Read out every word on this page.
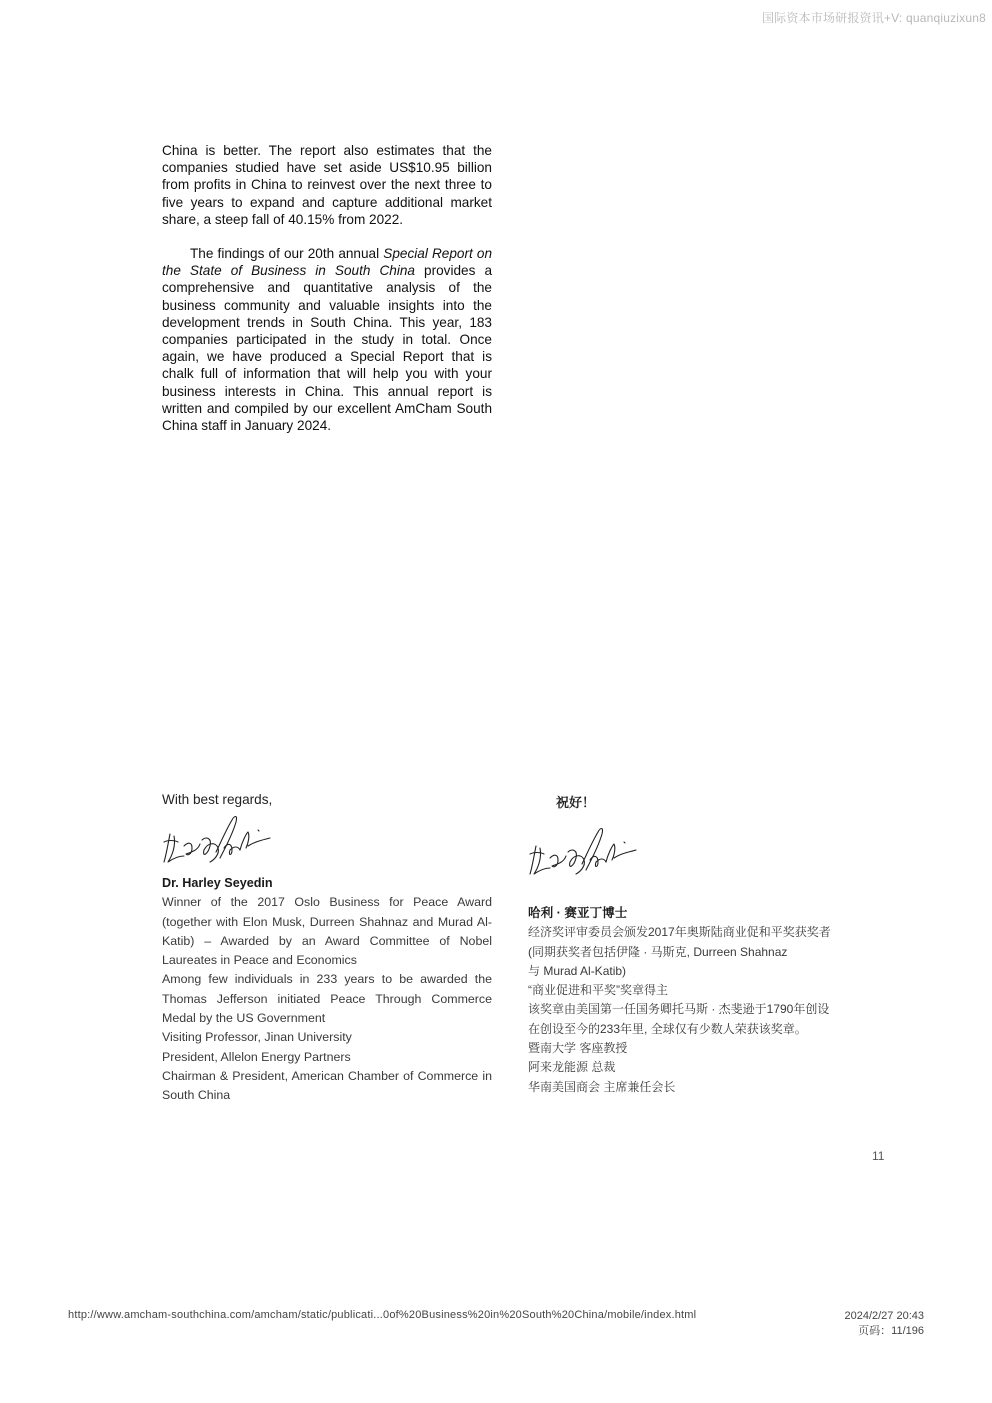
国际资本市场研报资讯+V: quanqiuzixun8

China is better. The report also estimates that the companies studied have set aside US$10.95 billion from profits in China to reinvest over the next three to five years to expand and capture additional market share, a steep fall of 40.15% from 2022.

The findings of our 20th annual Special Report on the State of Business in South China provides a comprehensive and quantitative analysis of the business community and valuable insights into the development trends in South China. This year, 183 companies participated in the study in total. Once again, we have produced a Special Report that is chalk full of information that will help you with your business interests in China. This annual report is written and compiled by our excellent AmCham South China staff in January 2024.

With best regards,	祝好！
Dr. Harley Seyedin
Winner of the 2017 Oslo Business for Peace Award (together with Elon Musk, Durreen Shahnaz and Murad Al-Katib) – Awarded by an Award Committee of Nobel Laureates in Peace and Economics
Among few individuals in 233 years to be awarded the Thomas Jefferson initiated Peace Through Commerce Medal by the US Government
Visiting Professor, Jinan University
President, Allelon Energy Partners
Chairman & President, American Chamber of Commerce in South China
哈利 · 赛亚丁博士
经济奖评审委员会颁发2017年奥斯陆商业促和平奖获奖者
(同期获奖者包括伊隆 · 马斯克, Durreen Shahnaz
与 Murad Al-Katib)
“商业促进和平奖”奖章得主
该奖章由美国第一任国务卿托马斯 · 杰斐逊于1790年创设
在创设至今的233年里, 全球仅有少数人荣获该奖章。
暨南大学 客座教授
阿来龙能源 总裁
华南美国商会 主席兼任会长
11
http://www.amcham-southchina.com/amcham/static/publicati...0of%20Business%20in%20South%20China/mobile/index.html	2024/2/27 20:43
页码：11/196
